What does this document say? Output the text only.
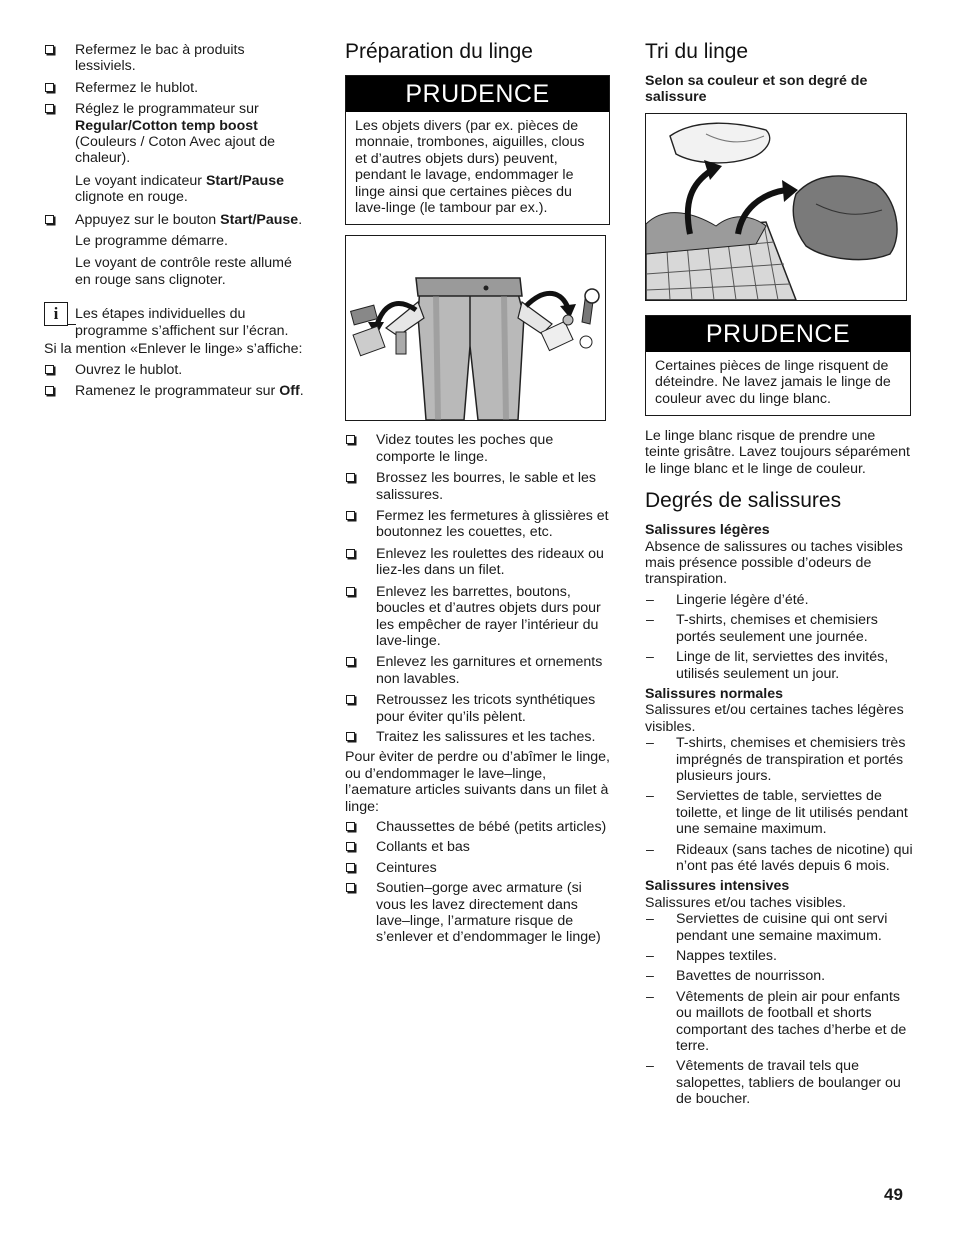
Refermez le bac à produits lessiviels.
Refermez le hublot.
Réglez le programmateur sur Regular/Cotton temp boost (Couleurs / Coton Avec ajout de chaleur).
Le voyant indicateur Start/Pause clignote en rouge.
Appuyez sur le bouton Start/Pause.
Le programme démarre.
Le voyant de contrôle reste allumé en rouge sans clignoter.
i	Les étapes individuelles du programme s’affichent sur l’écran.
Si la mention «Enlever le linge» s’affiche:
Ouvrez le hublot.
Ramenez le programmateur sur Off.
Préparation du linge
PRUDENCE
Les objets divers (par ex. pièces de monnaie, trombones, aiguilles, clous et d’autres objets durs) peuvent, pendant le lavage, endommager le linge ainsi que certaines pièces du lave-linge (le tambour par ex.).
Videz toutes les poches que comporte le linge.
Brossez les bourres, le sable et les salissures.
Fermez les fermetures à glissières et boutonnez les couettes, etc.
Enlevez les roulettes des rideaux ou liez-les dans un filet.
Enlevez les barrettes, boutons, boucles et d’autres objets durs pour les empêcher de rayer l’intérieur du lave-linge.
Enlevez les garnitures et ornements non lavables.
Retroussez les tricots synthétiques pour éviter qu’ils pèlent.
Traitez les salissures et les taches.
Pour èviter de perdre ou d’abîmer le linge, ou d’endommager le lave–linge, l’aemature articles suivants dans un filet à linge:
Chaussettes de bébé (petits articles)
Collants et bas
Ceintures
Soutien–gorge avec armature (si vous les lavez directement dans lave–linge, l’armature risque de s’enlever et d’endommager le linge)
Tri du linge
Selon sa couleur et son degré de salissure
PRUDENCE
Certaines pièces de linge risquent de déteindre. Ne lavez jamais le linge de couleur avec du linge blanc.
Le linge blanc risque de prendre une teinte grisâtre. Lavez toujours séparément le linge blanc et le linge de couleur.
Degrés de salissures
Salissures légères
Absence de salissures ou taches visibles mais présence possible d’odeurs de transpiration.
– Lingerie légère d’été.
– T-shirts, chemises et chemisiers portés seulement une journée.
– Linge de lit, serviettes des invités, utilisés seulement un jour.
Salissures normales
Salissures et/ou certaines taches légères visibles.
– T-shirts, chemises et chemisiers très imprégnés de transpiration et portés plusieurs jours.
– Serviettes de table, serviettes de toilette, et linge de lit utilisés pendant une semaine maximum.
– Rideaux (sans taches de nicotine) qui n’ont pas été lavés depuis 6 mois.
Salissures intensives
Salissures et/ou taches visibles.
– Serviettes de cuisine qui ont servi pendant une semaine maximum.
– Nappes textiles.
– Bavettes de nourrisson.
– Vêtements de plein air pour enfants ou maillots de football et shorts comportant des taches d’herbe et de terre.
– Vêtements de travail tels que salopettes, tabliers de boulanger ou de boucher.
49
